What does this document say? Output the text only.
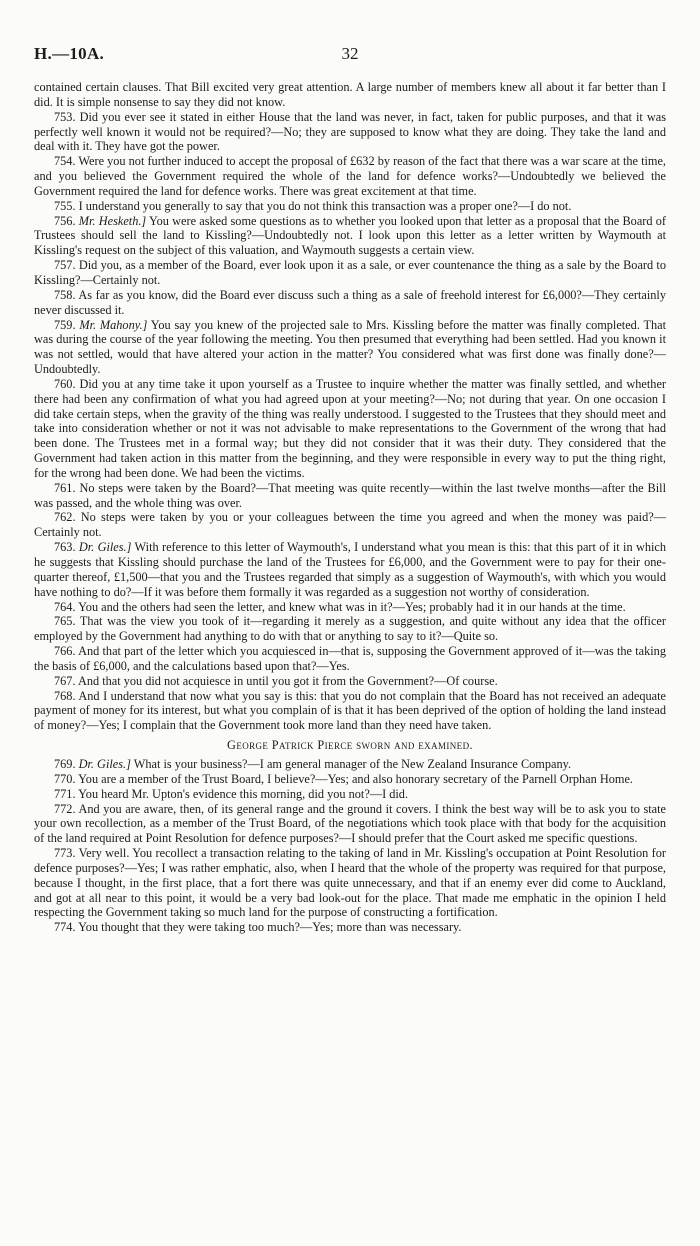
H.—10A.	32

contained certain clauses. That Bill excited very great attention. A large number of members knew all about it far better than I did. It is simple nonsense to say they did not know.

753. Did you ever see it stated in either House that the land was never, in fact, taken for public purposes, and that it was perfectly well known it would not be required?—No; they are supposed to know what they are doing. They take the land and deal with it. They have got the power.

754. Were you not further induced to accept the proposal of £632 by reason of the fact that there was a war scare at the time, and you believed the Government required the whole of the land for defence works?—Undoubtedly we believed the Government required the land for defence works. There was great excitement at that time.

755. I understand you generally to say that you do not think this transaction was a proper one?—I do not.

756. Mr. Hesketh.] You were asked some questions as to whether you looked upon that letter as a proposal that the Board of Trustees should sell the land to Kissling?—Undoubtedly not. I look upon this letter as a letter written by Waymouth at Kissling's request on the subject of this valuation, and Waymouth suggests a certain view.

757. Did you, as a member of the Board, ever look upon it as a sale, or ever countenance the thing as a sale by the Board to Kissling?—Certainly not.

758. As far as you know, did the Board ever discuss such a thing as a sale of freehold interest for £6,000?—They certainly never discussed it.

759. Mr. Mahony.] You say you knew of the projected sale to Mrs. Kissling before the matter was finally completed. That was during the course of the year following the meeting. You then presumed that everything had been settled. Had you known it was not settled, would that have altered your action in the matter? You considered what was first done was finally done?—Undoubtedly.

760. Did you at any time take it upon yourself as a Trustee to inquire whether the matter was finally settled, and whether there had been any confirmation of what you had agreed upon at your meeting?—No; not during that year. On one occasion I did take certain steps, when the gravity of the thing was really understood. I suggested to the Trustees that they should meet and take into consideration whether or not it was not advisable to make representations to the Government of the wrong that had been done. The Trustees met in a formal way; but they did not consider that it was their duty. They considered that the Government had taken action in this matter from the beginning, and they were responsible in every way to put the thing right, for the wrong had been done. We had been the victims.

761. No steps were taken by the Board?—That meeting was quite recently—within the last twelve months—after the Bill was passed, and the whole thing was over.

762. No steps were taken by you or your colleagues between the time you agreed and when the money was paid?—Certainly not.

763. Dr. Giles.] With reference to this letter of Waymouth's, I understand what you mean is this: that this part of it in which he suggests that Kissling should purchase the land of the Trustees for £6,000, and the Government were to pay for their one-quarter thereof, £1,500—that you and the Trustees regarded that simply as a suggestion of Waymouth's, with which you would have nothing to do?—If it was before them formally it was regarded as a suggestion not worthy of consideration.

764. You and the others had seen the letter, and knew what was in it?—Yes; probably had it in our hands at the time.

765. That was the view you took of it—regarding it merely as a suggestion, and quite without any idea that the officer employed by the Government had anything to do with that or anything to say to it?—Quite so.

766. And that part of the letter which you acquiesced in—that is, supposing the Government approved of it—was the taking the basis of £6,000, and the calculations based upon that?—Yes.

767. And that you did not acquiesce in until you got it from the Government?—Of course.

768. And I understand that now what you say is this: that you do not complain that the Board has not received an adequate payment of money for its interest, but what you complain of is that it has been deprived of the option of holding the land instead of money?—Yes; I complain that the Government took more land than they need have taken.

George Patrick Pierce sworn and examined.

769. Dr. Giles.] What is your business?—I am general manager of the New Zealand Insurance Company.

770. You are a member of the Trust Board, I believe?—Yes; and also honorary secretary of the Parnell Orphan Home.

771. You heard Mr. Upton's evidence this morning, did you not?—I did.

772. And you are aware, then, of its general range and the ground it covers. I think the best way will be to ask you to state your own recollection, as a member of the Trust Board, of the negotiations which took place with that body for the acquisition of the land required at Point Resolution for defence purposes?—I should prefer that the Court asked me specific questions.

773. Very well. You recollect a transaction relating to the taking of land in Mr. Kissling's occupation at Point Resolution for defence purposes?—Yes; I was rather emphatic, also, when I heard that the whole of the property was required for that purpose, because I thought, in the first place, that a fort there was quite unnecessary, and that if an enemy ever did come to Auckland, and got at all near to this point, it would be a very bad look-out for the place. That made me emphatic in the opinion I held respecting the Government taking so much land for the purpose of constructing a fortification.

774. You thought that they were taking too much?—Yes; more than was necessary.
